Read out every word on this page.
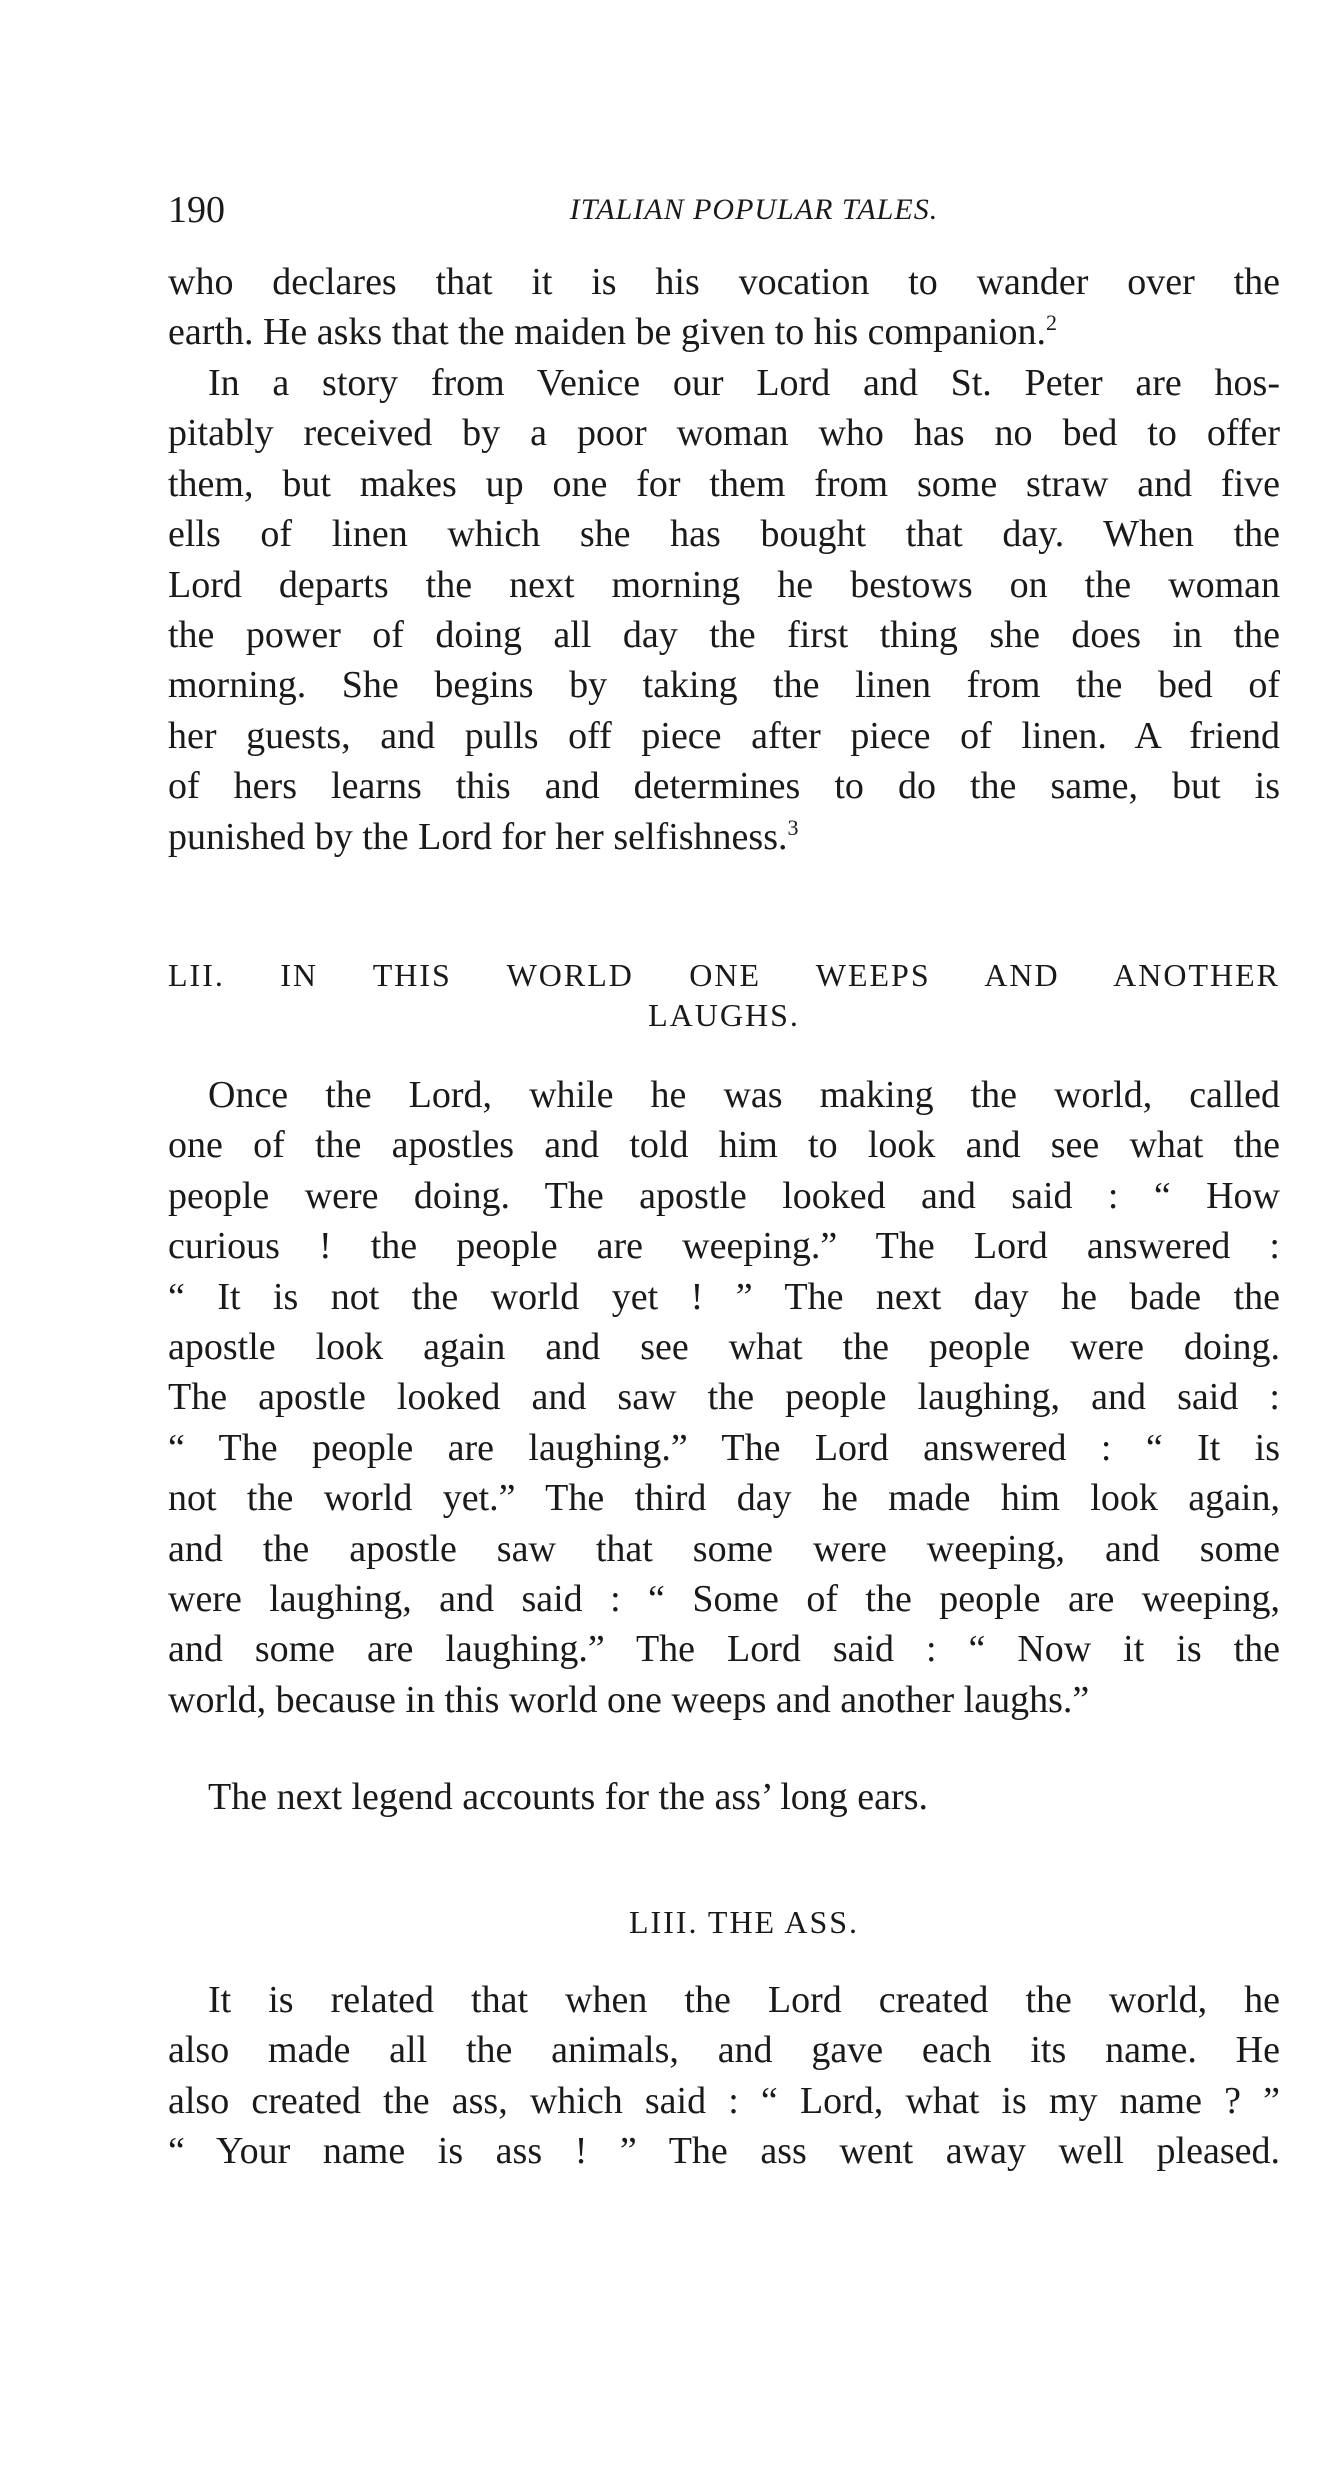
190	ITALIAN POPULAR TALES.
who declares that it is his vocation to wander over the
earth. He asks that the maiden be given to his companion.$^2$
In a story from Venice our Lord and St. Peter are hos-
pitably received by a poor woman who has no bed to offer
them, but makes up one for them from some straw and five
ells of linen which she has bought that day. When the
Lord departs the next morning he bestows on the woman
the power of doing all day the first thing she does in the
morning. She begins by taking the linen from the bed of
her guests, and pulls off piece after piece of linen. A friend
of hers learns this and determines to do the same, but is
punished by the Lord for her selfishness.$^3$
LII. IN THIS WORLD ONE WEEPS AND ANOTHER
LAUGHS.
Once the Lord, while he was making the world, called
one of the apostles and told him to look and see what the
people were doing. The apostle looked and said : “ How
curious ! the people are weeping.” The Lord answered :
“ It is not the world yet ! ” The next day he bade the
apostle look again and see what the people were doing.
The apostle looked and saw the people laughing, and said :
“ The people are laughing.” The Lord answered : “ It is
not the world yet.” The third day he made him look again,
and the apostle saw that some were weeping, and some
were laughing, and said : “ Some of the people are weeping,
and some are laughing.” The Lord said : “ Now it is the
world, because in this world one weeps and another laughs.”
The next legend accounts for the ass’ long ears.
LIII. THE ASS.
It is related that when the Lord created the world, he
also made all the animals, and gave each its name. He
also created the ass, which said : “ Lord, what is my name ? ”
“ Your name is ass ! ” The ass went away well pleased.
